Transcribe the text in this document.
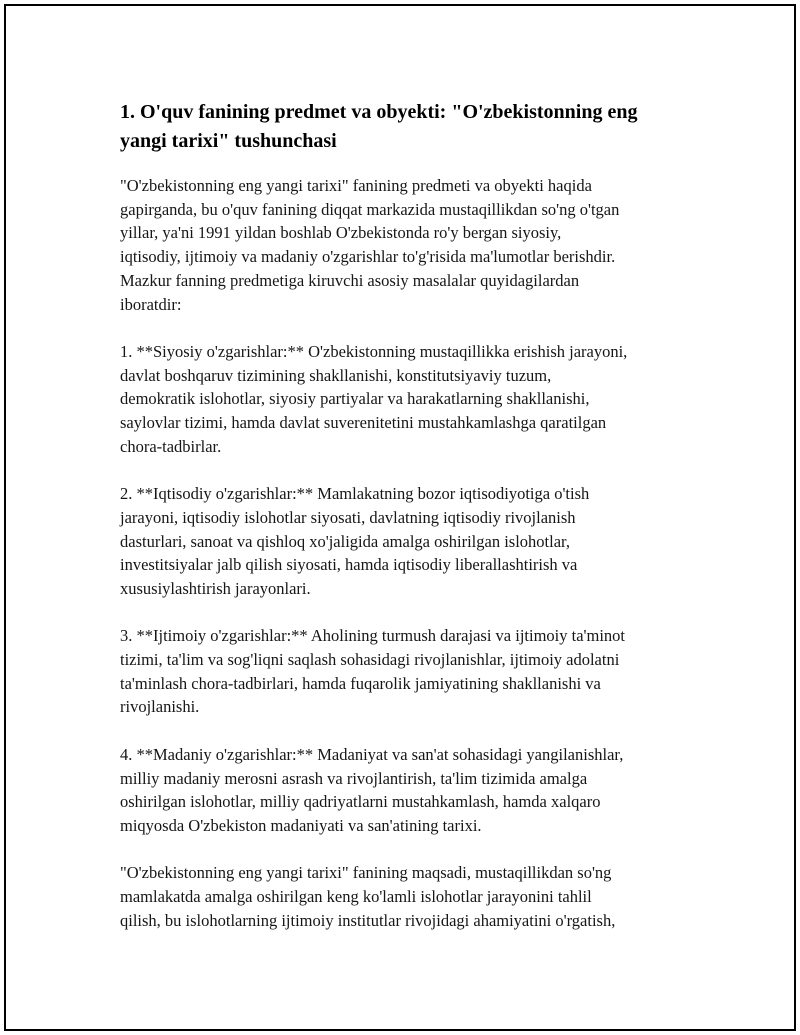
1. O'quv fanining predmet va obyekti: "O'zbekistonning eng
yangi tarixi" tushunchasi

"O'zbekistonning eng yangi tarixi" fanining predmeti va obyekti haqida
gapirganda, bu o'quv fanining diqqat markazida mustaqillikdan so'ng o'tgan
yillar, ya'ni 1991 yildan boshlab O'zbekistonda ro'y bergan siyosiy,
iqtisodiy, ijtimoiy va madaniy o'zgarishlar to'g'risida ma'lumotlar berishdir.
Mazkur fanning predmetiga kiruvchi asosiy masalalar quyidagilardan
iboratdir:

1. **Siyosiy o'zgarishlar:** O'zbekistonning mustaqillikka erishish jarayoni,
davlat boshqaruv tizimining shakllanishi, konstitutsiyaviy tuzum,
demokratik islohotlar, siyosiy partiyalar va harakatlarning shakllanishi,
saylovlar tizimi, hamda davlat suverenitetini mustahkamlashga qaratilgan
chora-tadbirlar.

2. **Iqtisodiy o'zgarishlar:** Mamlakatning bozor iqtisodiyotiga o'tish
jarayoni, iqtisodiy islohotlar siyosati, davlatning iqtisodiy rivojlanish
dasturlari, sanoat va qishloq xo'jaligida amalga oshirilgan islohotlar,
investitsiyalar jalb qilish siyosati, hamda iqtisodiy liberallashtirish va
xususiylashtirish jarayonlari.

3. **Ijtimoiy o'zgarishlar:** Aholining turmush darajasi va ijtimoiy ta'minot
tizimi, ta'lim va sog'liqni saqlash sohasidagi rivojlanishlar, ijtimoiy adolatni
ta'minlash chora-tadbirlari, hamda fuqarolik jamiyatining shakllanishi va
rivojlanishi.

4. **Madaniy o'zgarishlar:** Madaniyat va san'at sohasidagi yangilanishlar,
milliy madaniy merosni asrash va rivojlantirish, ta'lim tizimida amalga
oshirilgan islohotlar, milliy qadriyatlarni mustahkamlash, hamda xalqaro
miqyosda O'zbekiston madaniyati va san'atining tarixi.

"O'zbekistonning eng yangi tarixi" fanining maqsadi, mustaqillikdan so'ng
mamlakatda amalga oshirilgan keng ko'lamli islohotlar jarayonini tahlil
qilish, bu islohotlarning ijtimoiy institutlar rivojidagi ahamiyatini o'rgatish,
